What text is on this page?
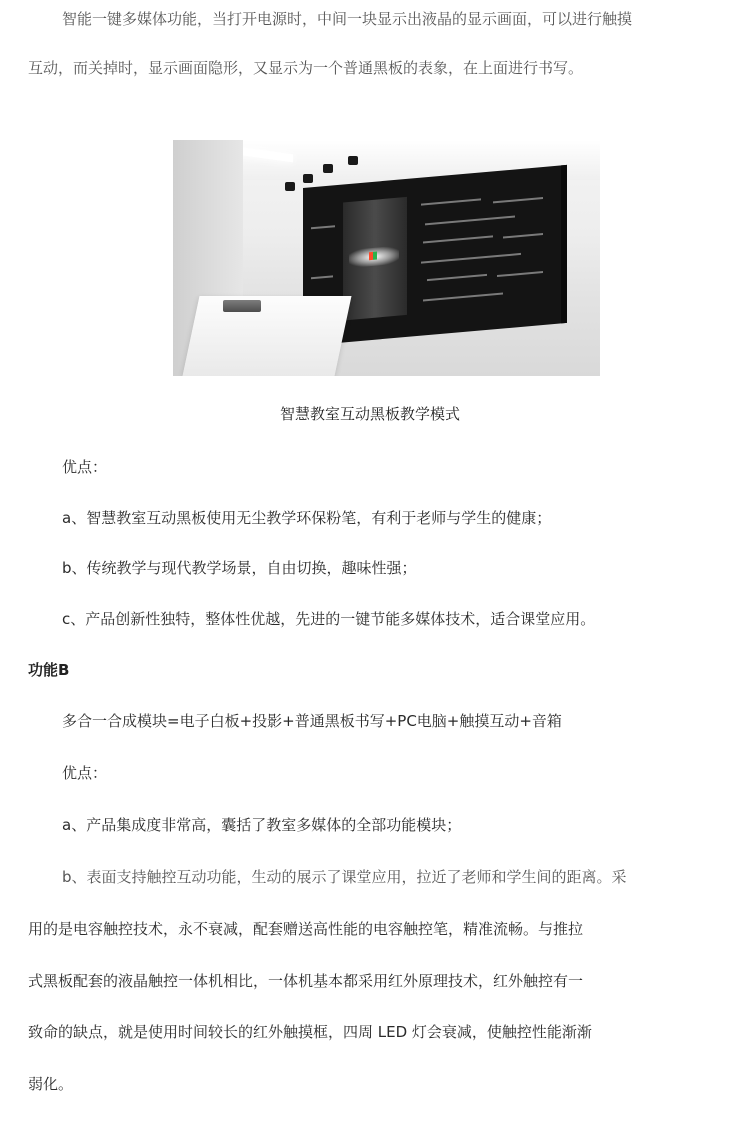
智能一键多媒体功能，当打开电源时，中间一块显示出液晶的显示画面，可以进行触摸

互动，而关掉时，显示画面隐形，又显示为一个普通黑板的表象，在上面进行书写。

智慧教室互动黑板教学模式

优点：

a、智慧教室互动黑板使用无尘教学环保粉笔，有利于老师与学生的健康；

b、传统教学与现代教学场景，自由切换，趣味性强；

c、产品创新性独特，整体性优越，先进的一键节能多媒体技术，适合课堂应用。

功能B

多合一合成模块=电子白板+投影+普通黑板书写+PC电脑+触摸互动+音箱

优点：

a、产品集成度非常高，囊括了教室多媒体的全部功能模块；

b、表面支持触控互动功能，生动的展示了课堂应用，拉近了老师和学生间的距离。采

用的是电容触控技术，永不衰减，配套赠送高性能的电容触控笔，精准流畅。与推拉

式黑板配套的液晶触控一体机相比，一体机基本都采用红外原理技术，红外触控有一

致命的缺点，就是使用时间较长的红外触摸框，四周 LED 灯会衰减，使触控性能渐渐

弱化。
